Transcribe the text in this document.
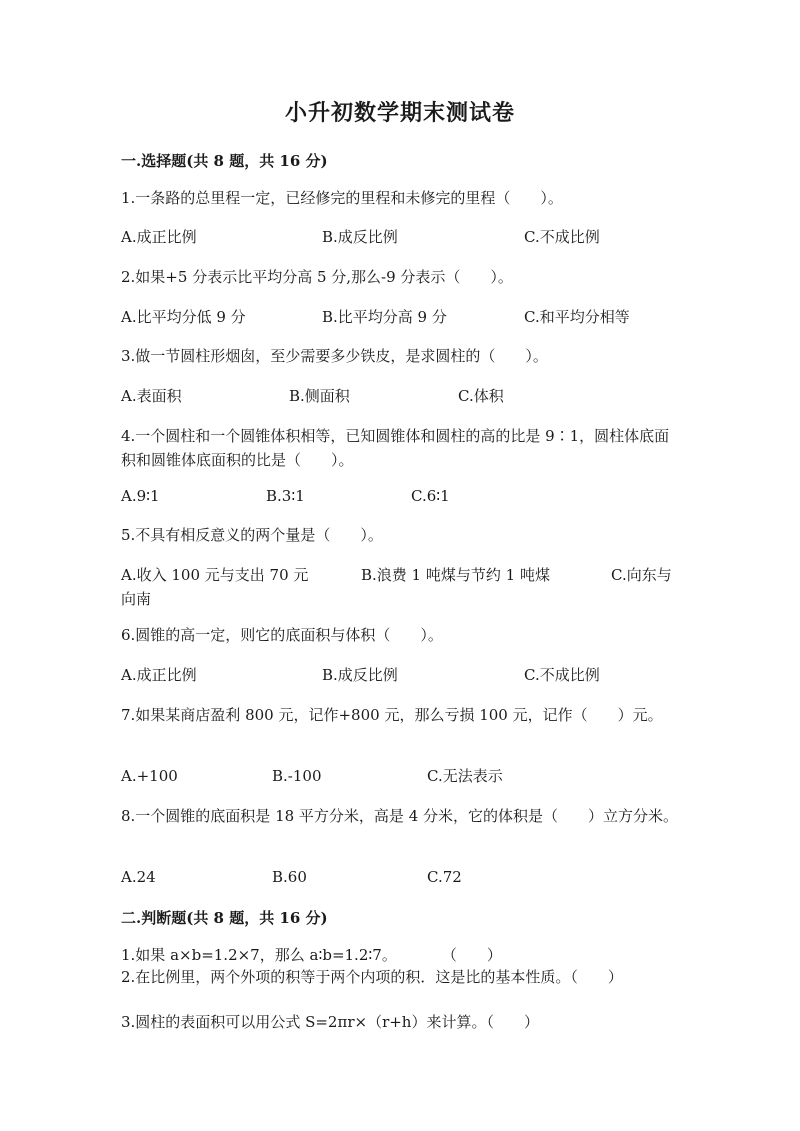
小升初数学期末测试卷
一.选择题(共 8 题，共 16 分)
1.一条路的总里程一定，已经修完的里程和未修完的里程（　　）。
A.成正比例	B.成反比例	C.不成比例
2.如果+5 分表示比平均分高 5 分,那么-9 分表示（　　）。
A.比平均分低 9 分	B.比平均分高 9 分	C.和平均分相等
3.做一节圆柱形烟囱，至少需要多少铁皮，是求圆柱的（　　）。
A.表面积	B.侧面积	C.体积
4.一个圆柱和一个圆锥体积相等，已知圆锥体和圆柱的高的比是 9∶1，圆柱体底面积和圆锥体底面积的比是（　　）。
A.9∶1	B.3∶1	C.6∶1
5.不具有相反意义的两个量是（　　）。
A.收入 100 元与支出 70 元	B.浪费 1 吨煤与节约 1 吨煤	C.向东与
向南
6.圆锥的高一定，则它的底面积与体积（　　）。
A.成正比例	B.成反比例	C.不成比例
7.如果某商店盈利 800 元，记作+800 元，那么亏损 100 元，记作（　　）元。
A.+100	B.-100	C.无法表示
8.一个圆锥的底面积是 18 平方分米，高是 4 分米，它的体积是（　　）立方分米。
A.24	B.60	C.72
二.判断题(共 8 题，共 16 分)
1.如果 a×b=1.2×7，那么 a∶b=1.2∶7。　　　　（　　）
2.在比例里，两个外项的积等于两个内项的积．这是比的基本性质。（　　）
3.圆柱的表面积可以用公式 S=2πr×（r+h）来计算。（　　）
